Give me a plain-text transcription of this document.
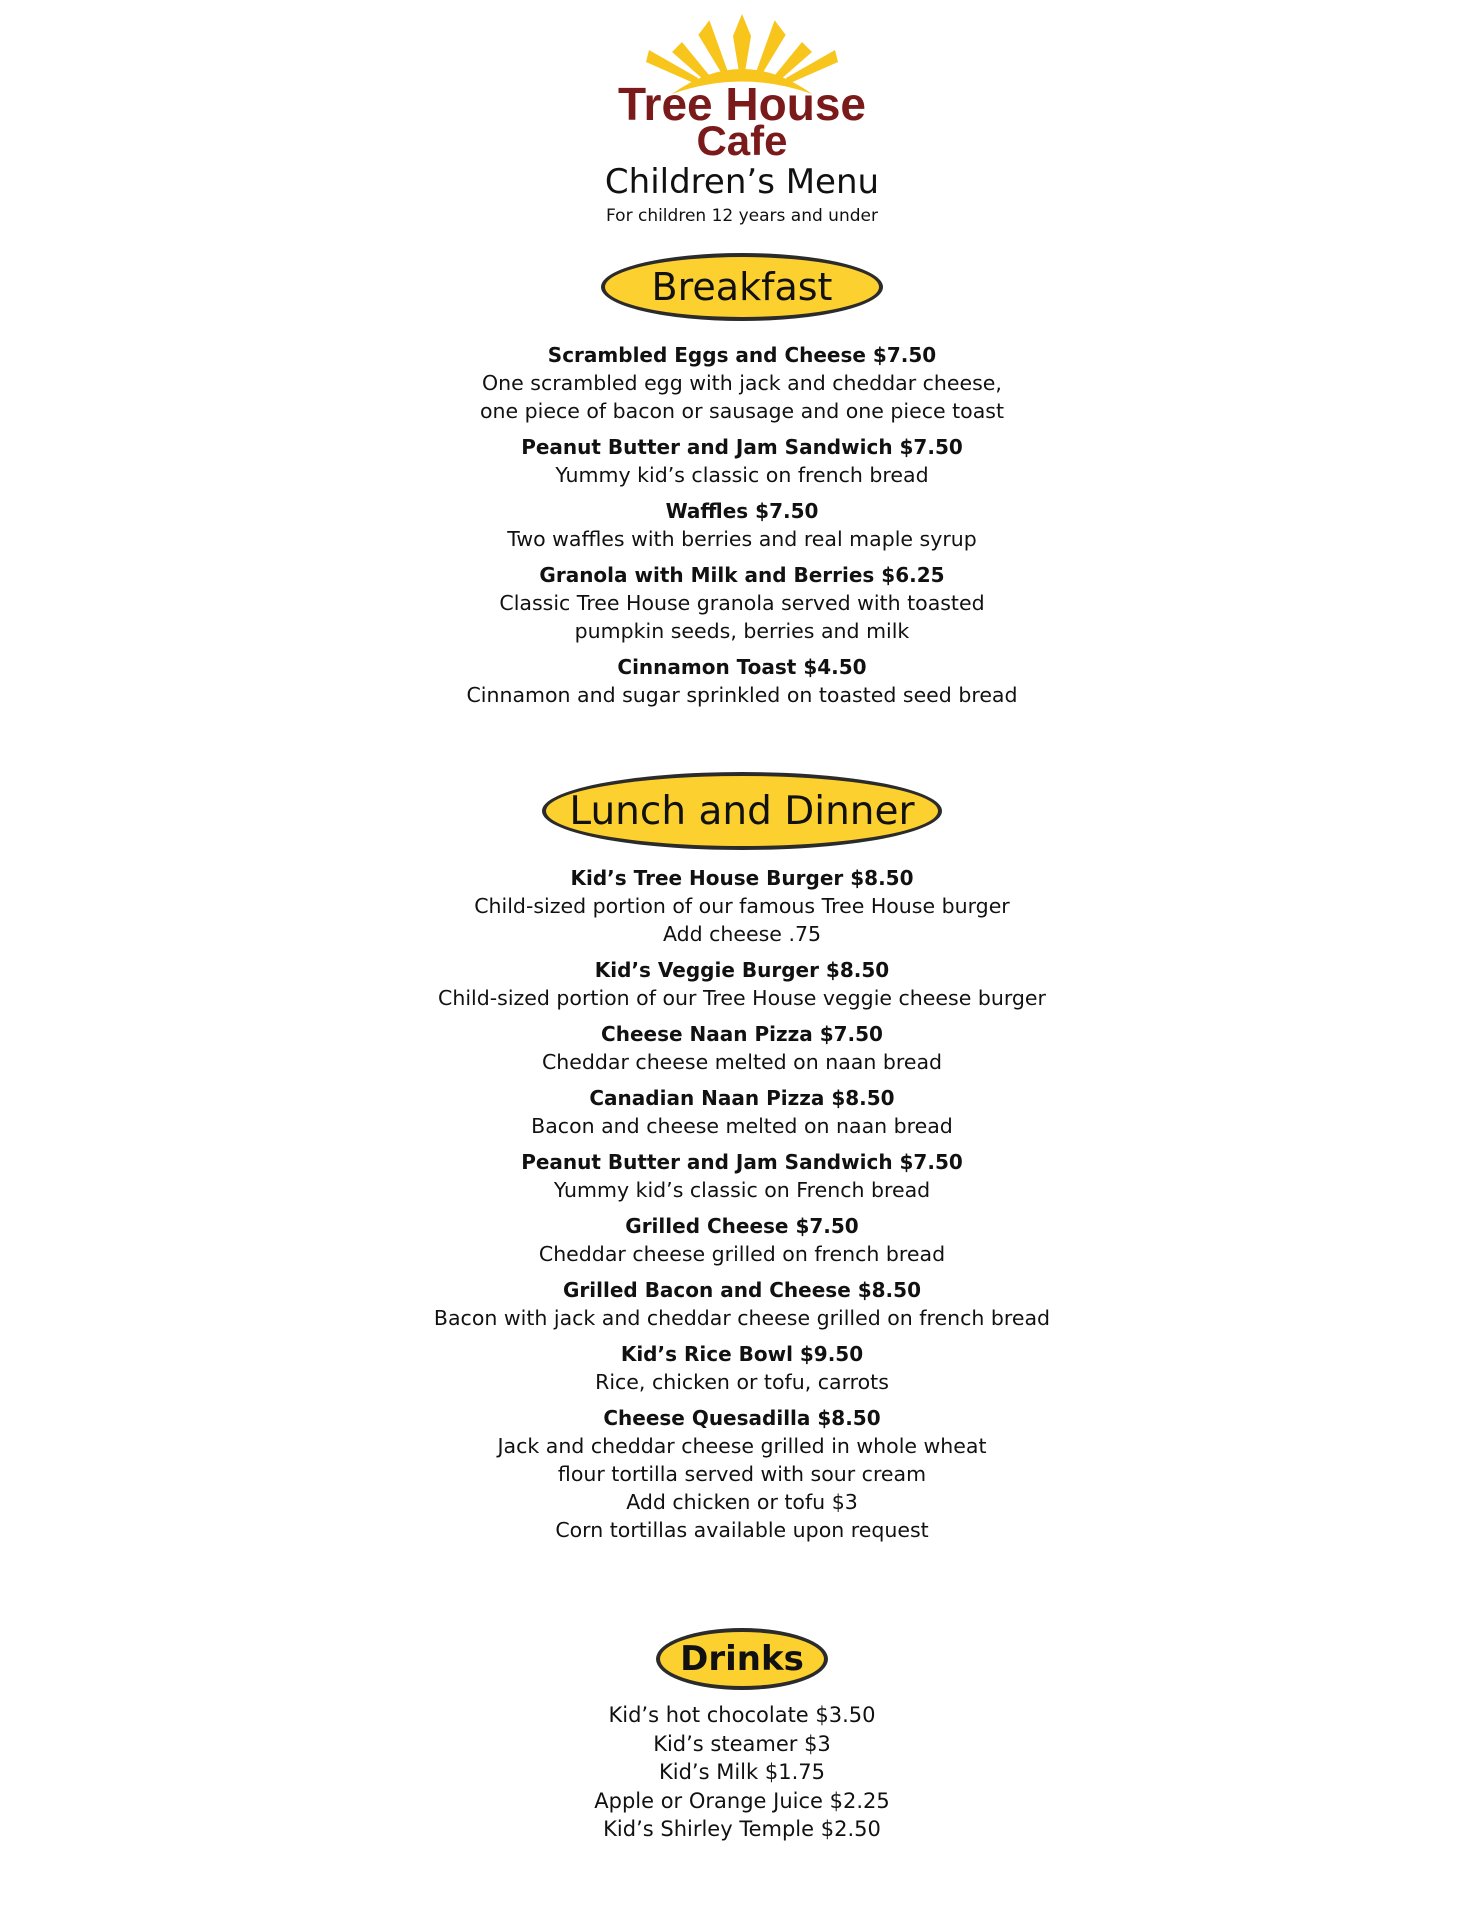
Tree House
Cafe
Children’s Menu
For children 12 years and under
Breakfast
Scrambled Eggs and Cheese $7.50
One scrambled egg with jack and cheddar cheese,
one piece of bacon or sausage and one piece toast
Peanut Butter and Jam Sandwich $7.50
Yummy kid’s classic on french bread
Waffles $7.50
Two waffles with berries and real maple syrup
Granola with Milk and Berries $6.25
Classic Tree House granola served with toasted
pumpkin seeds, berries and milk
Cinnamon Toast $4.50
Cinnamon and sugar sprinkled on toasted seed bread
Lunch and Dinner
Kid’s Tree House Burger $8.50
Child-sized portion of our famous Tree House burger
Add cheese .75
Kid’s Veggie Burger $8.50
Child-sized portion of our Tree House veggie cheese burger
Cheese Naan Pizza $7.50
Cheddar cheese melted on naan bread
Canadian Naan Pizza $8.50
Bacon and cheese melted on naan bread
Peanut Butter and Jam Sandwich $7.50
Yummy kid’s classic on French bread
Grilled Cheese $7.50
Cheddar cheese grilled on french bread
Grilled Bacon and Cheese $8.50
Bacon with jack and cheddar cheese grilled on french bread
Kid’s Rice Bowl $9.50
Rice, chicken or tofu, carrots
Cheese Quesadilla $8.50
Jack and cheddar cheese grilled in whole wheat
flour tortilla served with sour cream
Add chicken or tofu $3
Corn tortillas available upon request
Drinks
Kid’s hot chocolate $3.50
Kid’s steamer $3
Kid’s Milk $1.75
Apple or Orange Juice $2.25
Kid’s Shirley Temple $2.50
